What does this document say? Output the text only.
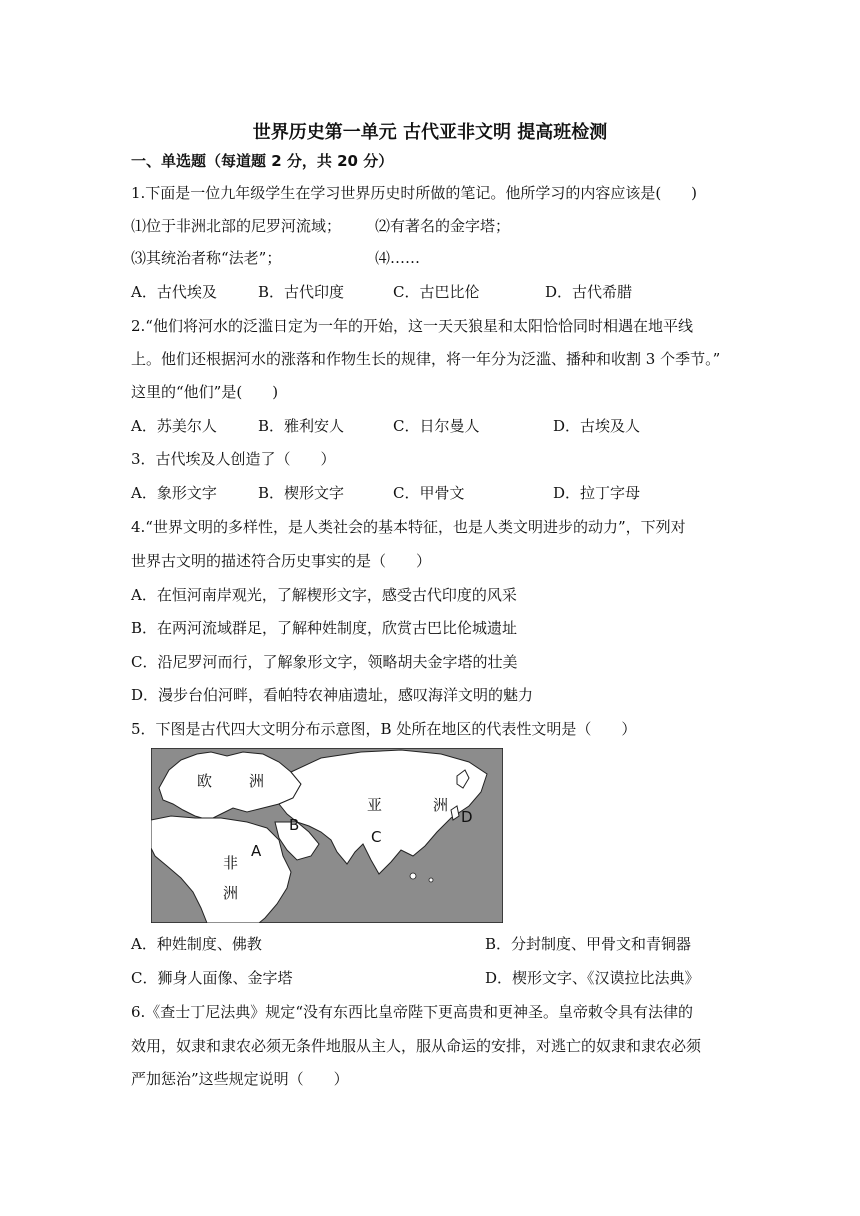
世界历史第一单元 古代亚非文明 提高班检测
一、单选题（每道题 2 分，共 20 分）
1.下面是一位九年级学生在学习世界历史时所做的笔记。他所学习的内容应该是(　　)
⑴位于非洲北部的尼罗河流域； ⑵有著名的金字塔；
⑶其统治者称“法老”；	⑷……
A．古代埃及	B．古代印度	C．古巴比伦	D．古代希腊
2.“他们将河水的泛滥日定为一年的开始，这一天天狼星和太阳恰恰同时相遇在地平线
上。他们还根据河水的涨落和作物生长的规律，将一年分为泛滥、播种和收割 3 个季节。”
这里的“他们”是(　　)
A．苏美尔人	B．雅利安人	C．日尔曼人	D．古埃及人
3．古代埃及人创造了（　　）
A．象形文字	B．楔形文字	C．甲骨文	D．拉丁字母
4.“世界文明的多样性，是人类社会的基本特征，也是人类文明进步的动力”，下列对
世界古文明的描述符合历史事实的是（　　）
A．在恒河南岸观光，了解楔形文字，感受古代印度的风采
B．在两河流域群足，了解种姓制度，欣赏古巴比伦城遗址
C．沿尼罗河而行，了解象形文字，领略胡夫金字塔的壮美
D．漫步台伯河畔，看帕特农神庙遗址，感叹海洋文明的魅力
5．下图是古代四大文明分布示意图，B 处所在地区的代表性文明是（　　）
欧 洲
亚	洲
非
洲
A
B
C
D
A．种姓制度、佛教	B．分封制度、甲骨文和青铜器
C．狮身人面像、金字塔	D．楔形文字、《汉谟拉比法典》
6.《查士丁尼法典》规定“没有东西比皇帝陛下更高贵和更神圣。皇帝敕令具有法律的
效用，奴隶和隶农必须无条件地服从主人，服从命运的安排，对逃亡的奴隶和隶农必须
严加惩治”这些规定说明（　　）
